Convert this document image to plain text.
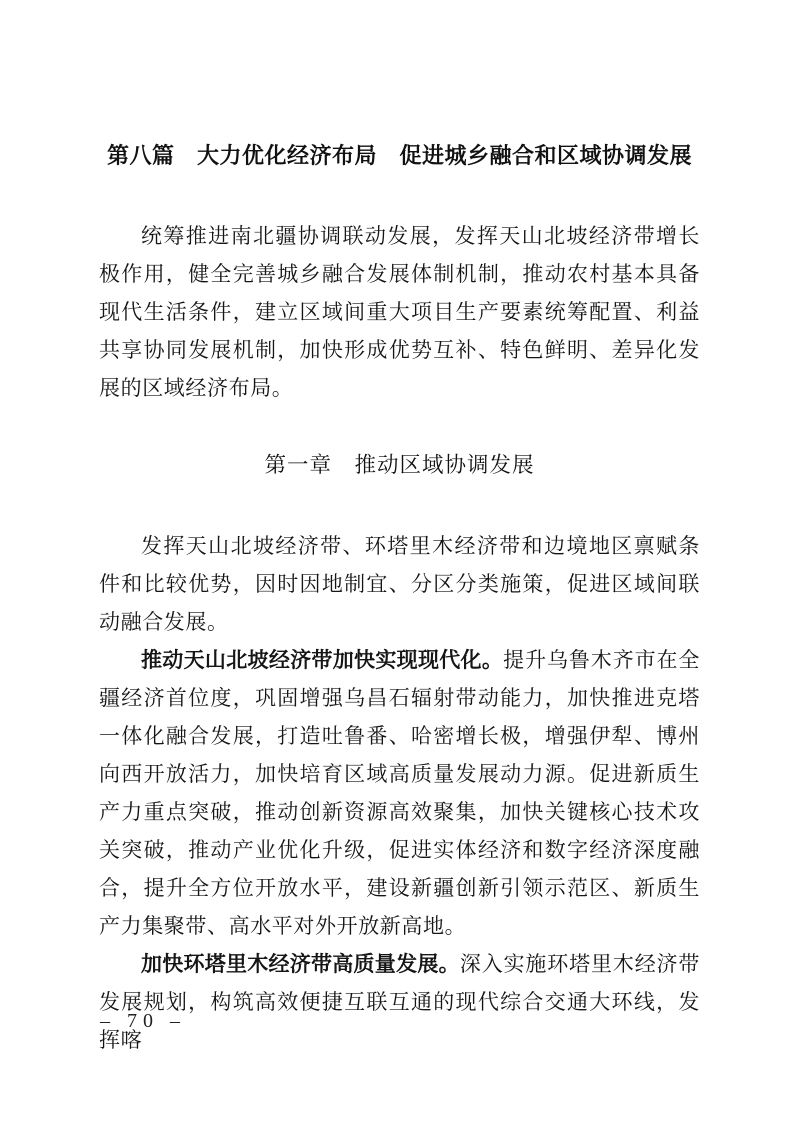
第八篇　大力优化经济布局　促进城乡融合和区域协调发展

统筹推进南北疆协调联动发展，发挥天山北坡经济带增长极作用，健全完善城乡融合发展体制机制，推动农村基本具备现代生活条件，建立区域间重大项目生产要素统筹配置、利益共享协同发展机制，加快形成优势互补、特色鲜明、差异化发展的区域经济布局。

第一章　推动区域协调发展

发挥天山北坡经济带、环塔里木经济带和边境地区禀赋条件和比较优势，因时因地制宜、分区分类施策，促进区域间联动融合发展。

推动天山北坡经济带加快实现现代化。提升乌鲁木齐市在全疆经济首位度，巩固增强乌昌石辐射带动能力，加快推进克塔一体化融合发展，打造吐鲁番、哈密增长极，增强伊犁、博州向西开放活力，加快培育区域高质量发展动力源。促进新质生产力重点突破，推动创新资源高效聚集，加快关键核心技术攻关突破，推动产业优化升级，促进实体经济和数字经济深度融合，提升全方位开放水平，建设新疆创新引领示范区、新质生产力集聚带、高水平对外开放新高地。

加快环塔里木经济带高质量发展。深入实施环塔里木经济带发展规划，构筑高效便捷互联互通的现代综合交通大环线，发挥喀

– 70 –
